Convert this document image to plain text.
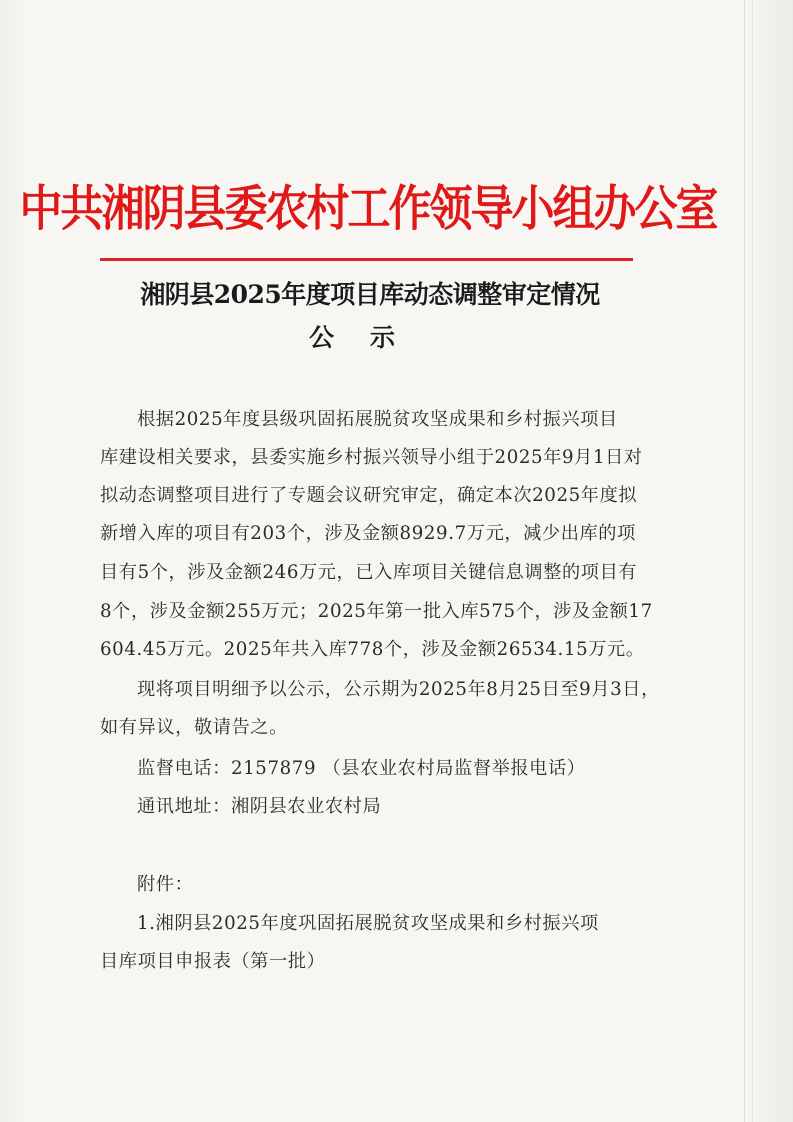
中共湘阴县委农村工作领导小组办公室
湘阴县2025年度项目库动态调整审定情况
公示
根据2025年度县级巩固拓展脱贫攻坚成果和乡村振兴项目
库建设相关要求，县委实施乡村振兴领导小组于2025年9月1日对
拟动态调整项目进行了专题会议研究审定，确定本次2025年度拟
新增入库的项目有203个，涉及金额8929.7万元，减少出库的项
目有5个，涉及金额246万元，已入库项目关键信息调整的项目有
8个，涉及金额255万元；2025年第一批入库575个，涉及金额17
604.45万元。2025年共入库778个，涉及金额26534.15万元。
现将项目明细予以公示，公示期为2025年8月25日至9月3日，
如有异议，敬请告之。
监督电话：2157879 （县农业农村局监督举报电话）
通讯地址：湘阴县农业农村局
附件：
1.湘阴县2025年度巩固拓展脱贫攻坚成果和乡村振兴项
目库项目申报表（第一批）
